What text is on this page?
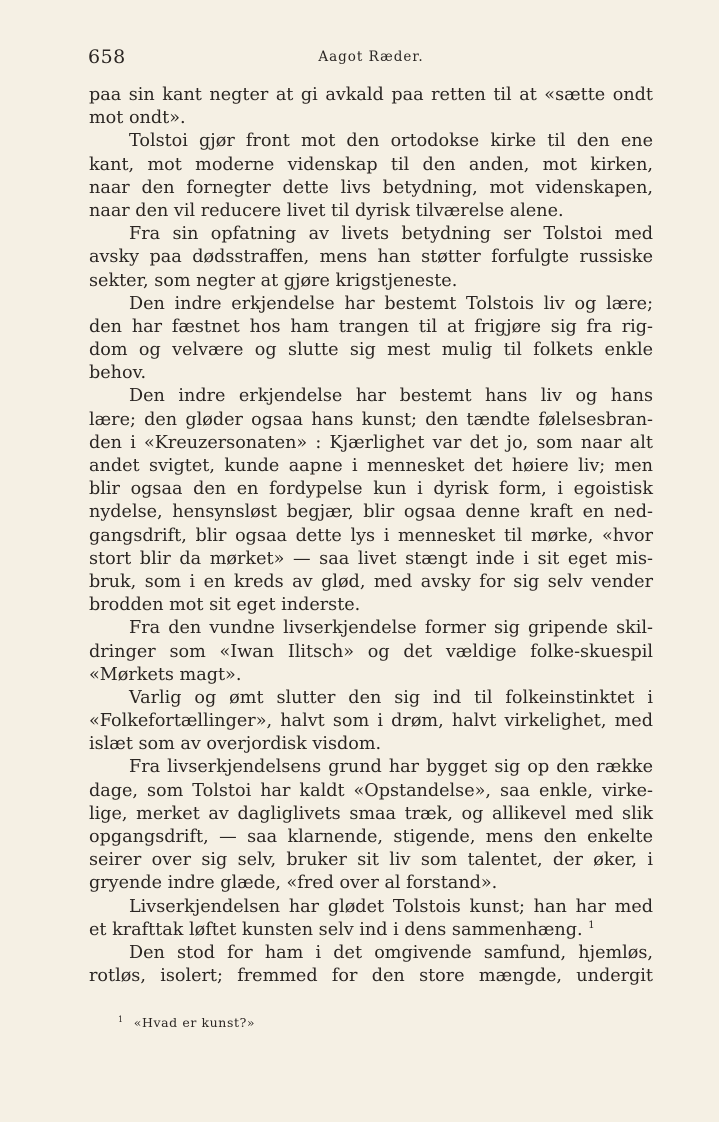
658	Aagot Ræder.
paa sin kant negter at gi avkald paa retten til at «sætte ondt
mot ondt».
Tolstoi gjør front mot den ortodokse kirke til den ene
kant, mot moderne videnskap til den anden, mot kirken,
naar den fornegter dette livs betydning, mot videnskapen,
naar den vil reducere livet til dyrisk tilværelse alene.
Fra sin opfatning av livets betydning ser Tolstoi med
avsky paa dødsstraffen, mens han støtter forfulgte russiske
sekter, som negter at gjøre krigstjeneste.
Den indre erkjendelse har bestemt Tolstois liv og lære;
den har fæstnet hos ham trangen til at frigjøre sig fra rig-
dom og velvære og slutte sig mest mulig til folkets enkle
behov.
Den indre erkjendelse har bestemt hans liv og hans
lære; den gløder ogsaa hans kunst; den tændte følelsesbran-
den i «Kreuzersonaten» : Kjærlighet var det jo, som naar alt
andet svigtet, kunde aapne i mennesket det høiere liv; men
blir ogsaa den en fordypelse kun i dyrisk form, i egoistisk
nydelse, hensynsløst begjær, blir ogsaa denne kraft en ned-
gangsdrift, blir ogsaa dette lys i mennesket til mørke, «hvor
stort blir da mørket» — saa livet stængt inde i sit eget mis-
bruk, som i en kreds av glød, med avsky for sig selv vender
brodden mot sit eget inderste.
Fra den vundne livserkjendelse former sig gripende skil-
dringer som «Iwan Ilitsch» og det vældige folke-skuespil
«Mørkets magt».
Varlig og ømt slutter den sig ind til folkeinstinktet i
«Folkefortællinger», halvt som i drøm, halvt virkelighet, med
islæt som av overjordisk visdom.
Fra livserkjendelsens grund har bygget sig op den række
dage, som Tolstoi har kaldt «Opstandelse», saa enkle, virke-
lige, merket av dagliglivets smaa træk, og allikevel med slik
opgangsdrift, — saa klarnende, stigende, mens den enkelte
seirer over sig selv, bruker sit liv som talentet, der øker, i
gryende indre glæde, «fred over al forstand».
Livserkjendelsen har glødet Tolstois kunst; han har med
et krafttak løftet kunsten selv ind i dens sammenhæng. $^1$
Den stod for ham i det omgivende samfund, hjemløs,
rotløs, isolert; fremmed for den store mængde, undergit
$^1$ «Hvad er kunst?»
